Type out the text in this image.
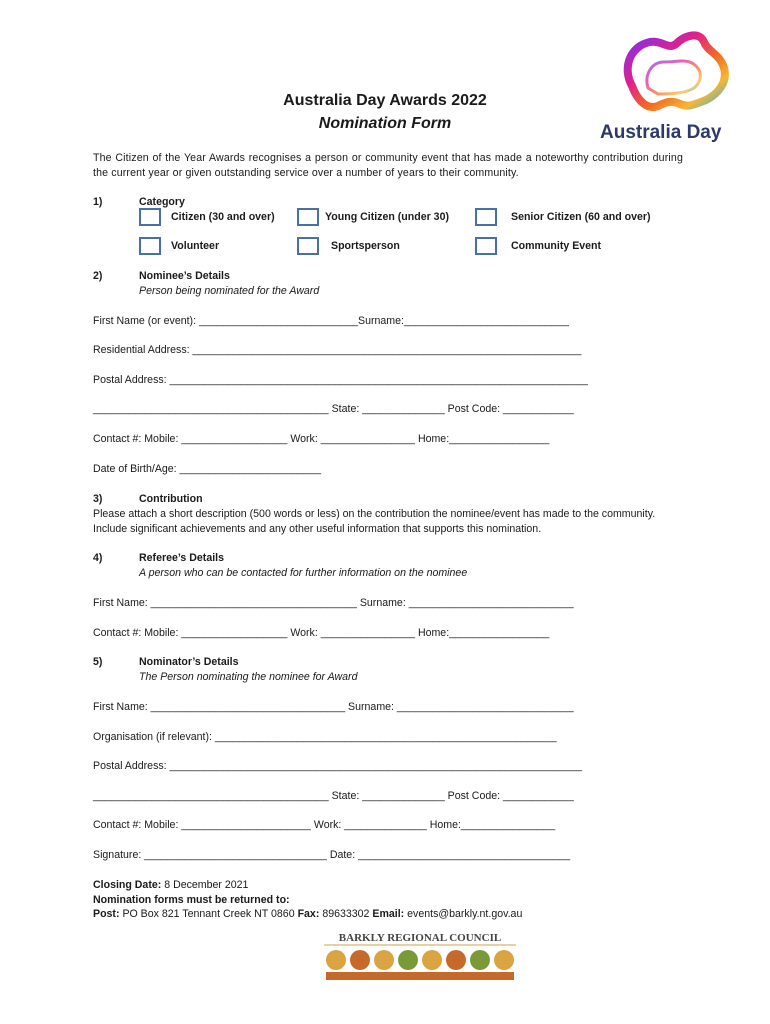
Australia Day
Australia Day Awards 2022
Nomination Form
The Citizen of the Year Awards recognises a person or community event that has made a noteworthy contribution during the current year or given outstanding service over a number of years to their community.
1)	Category
Citizen (30 and over)	Young Citizen (under 30)	Senior Citizen (60 and over)
Volunteer	Sportsperson	Community Event
2)	Nominee’s Details
Person being nominated for the Award
First Name (or event): ___________________________Surname:____________________________
Residential Address: __________________________________________________________________
Postal Address: _______________________________________________________________________
________________________________________ State: ______________ Post Code: ____________
Contact #: Mobile: __________________ Work: ________________ Home:_________________
Date of Birth/Age: ________________________
3)	Contribution
Please attach a short description (500 words or less) on the contribution the nominee/event has made to the community. Include significant achievements and any other useful information that supports this nomination.
4)	Referee’s Details
A person who can be contacted for further information on the nominee
First Name: ___________________________________ Surname: ____________________________
Contact #: Mobile: __________________ Work: ________________ Home:_________________
5)	Nominator’s Details
The Person nominating the nominee for Award
First Name: _________________________________ Surname: ______________________________
Organisation (if relevant): __________________________________________________________
Postal Address: ______________________________________________________________________
________________________________________ State: ______________ Post Code: ____________
Contact #: Mobile: ______________________ Work: ______________ Home:________________
Signature: _______________________________ Date: ____________________________________
Closing Date: 8 December 2021
Nomination forms must be returned to:
Post: PO Box 821 Tennant Creek NT 0860 Fax: 89633302 Email: events@barkly.nt.gov.au
BARKLY REGIONAL COUNCIL
